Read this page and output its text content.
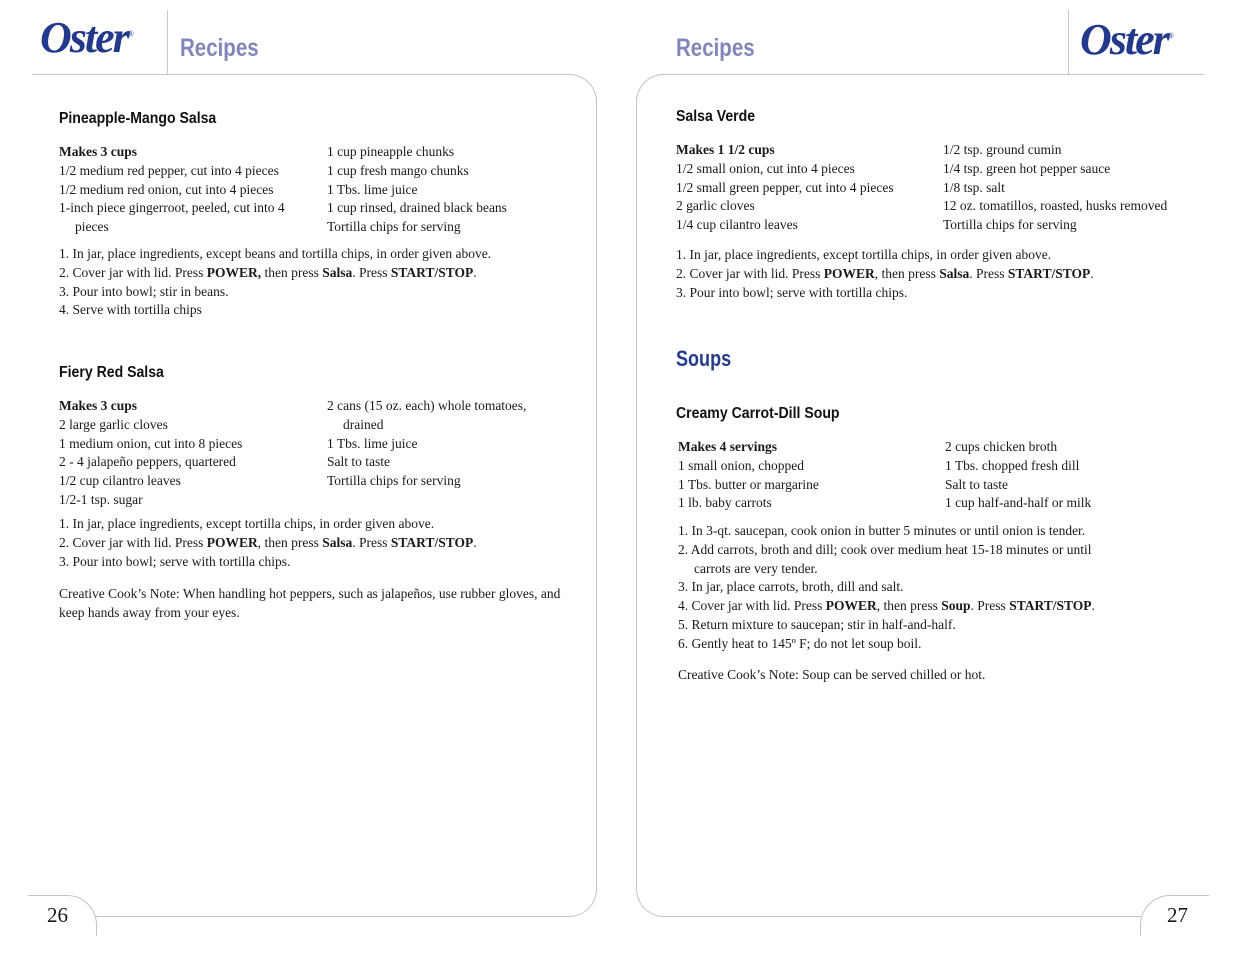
Oster®
Recipes
26
Pineapple-Mango Salsa
Makes 3 cups
1/2 medium red pepper, cut into 4 pieces
1/2 medium red onion, cut into 4 pieces
1-inch piece gingerroot, peeled, cut into 4
pieces
1 cup pineapple chunks
1 cup fresh mango chunks
1 Tbs. lime juice
1 cup rinsed, drained black beans
Tortilla chips for serving
1. In jar, place ingredients, except beans and tortilla chips, in order given above.
2. Cover jar with lid. Press POWER, then press Salsa. Press START/STOP.
3. Pour into bowl; stir in beans.
4. Serve with tortilla chips
Fiery Red Salsa
Makes 3 cups
2 large garlic cloves
1 medium onion, cut into 8 pieces
2 - 4 jalapeño peppers, quartered
1/2 cup cilantro leaves
1/2-1 tsp. sugar
2 cans (15 oz. each) whole tomatoes,
drained
1 Tbs. lime juice
Salt to taste
Tortilla chips for serving
1. In jar, place ingredients, except tortilla chips, in order given above.
2. Cover jar with lid. Press POWER, then press Salsa. Press START/STOP.
3. Pour into bowl; serve with tortilla chips.
Creative Cook’s Note: When handling hot peppers, such as jalapeños, use rubber gloves, and keep hands away from your eyes.
Recipes	Oster®
27
Salsa Verde
Makes 1 1/2 cups
1/2 small onion, cut into 4 pieces
1/2 small green pepper, cut into 4 pieces
2 garlic cloves
1/4 cup cilantro leaves
1/2 tsp. ground cumin
1/4 tsp. green hot pepper sauce
1/8 tsp. salt
12 oz. tomatillos, roasted, husks removed
Tortilla chips for serving
1. In jar, place ingredients, except tortilla chips, in order given above.
2. Cover jar with lid. Press POWER, then press Salsa. Press START/STOP.
3. Pour into bowl; serve with tortilla chips.
Soups
Creamy Carrot-Dill Soup
Makes 4 servings
1 small onion, chopped
1 Tbs. butter or margarine
1 lb. baby carrots
2 cups chicken broth
1 Tbs. chopped fresh dill
Salt to taste
1 cup half-and-half or milk
1. In 3-qt. saucepan, cook onion in butter 5 minutes or until onion is tender.
2. Add carrots, broth and dill; cook over medium heat 15-18 minutes or until
carrots are very tender.
3. In jar, place carrots, broth, dill and salt.
4. Cover jar with lid. Press POWER, then press Soup. Press START/STOP.
5. Return mixture to saucepan; stir in half-and-half.
6. Gently heat to 145º F; do not let soup boil.
Creative Cook’s Note: Soup can be served chilled or hot.
